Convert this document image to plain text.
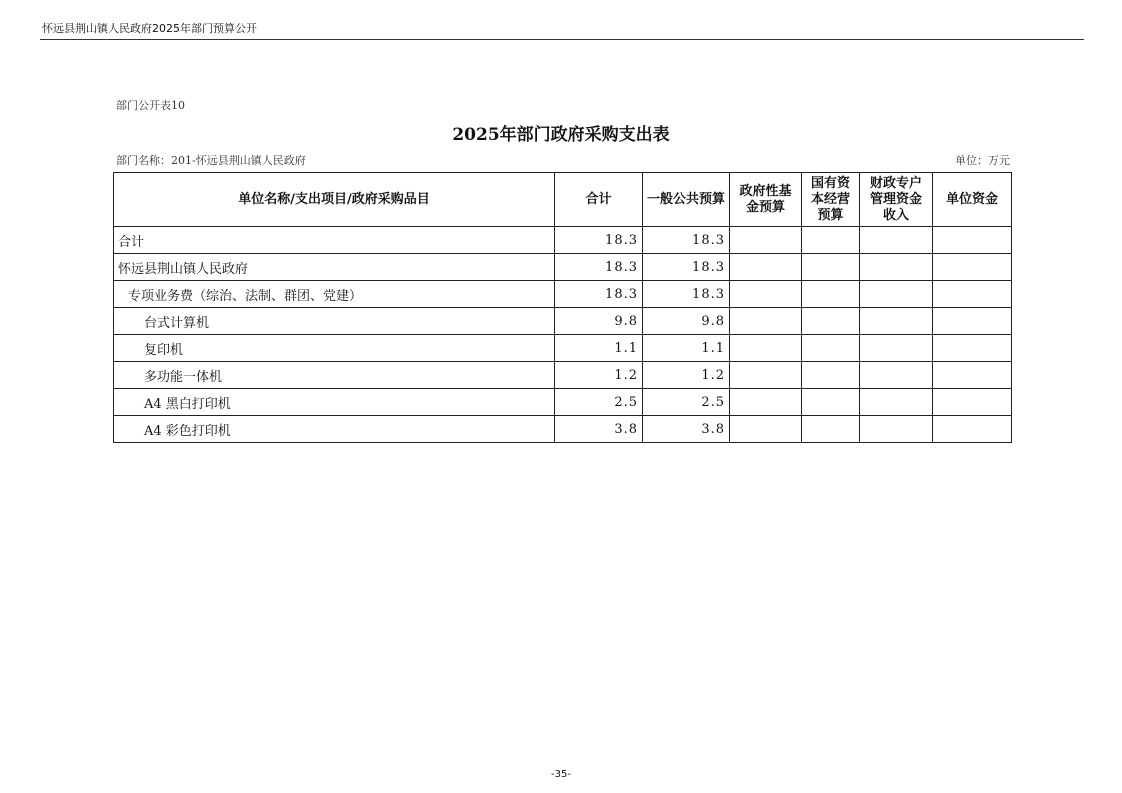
怀远县荆山镇人民政府2025年部门预算公开
部门公开表10
2025年部门政府采购支出表
部门名称：201-怀远县荆山镇人民政府	单位：万元
单位名称/支出项目/政府采购品目	合计	一般公共预算	政府性基金预算	国有资本经营预算	财政专户管理资金收入	单位资金
合计	18.3	18.3				
怀远县荆山镇人民政府	18.3	18.3				
专项业务费（综治、法制、群团、党建）	18.3	18.3				
台式计算机	9.8	9.8				
复印机	1.1	1.1				
多功能一体机	1.2	1.2				
A4 黑白打印机	2.5	2.5				
A4 彩色打印机	3.8	3.8				
-35-
